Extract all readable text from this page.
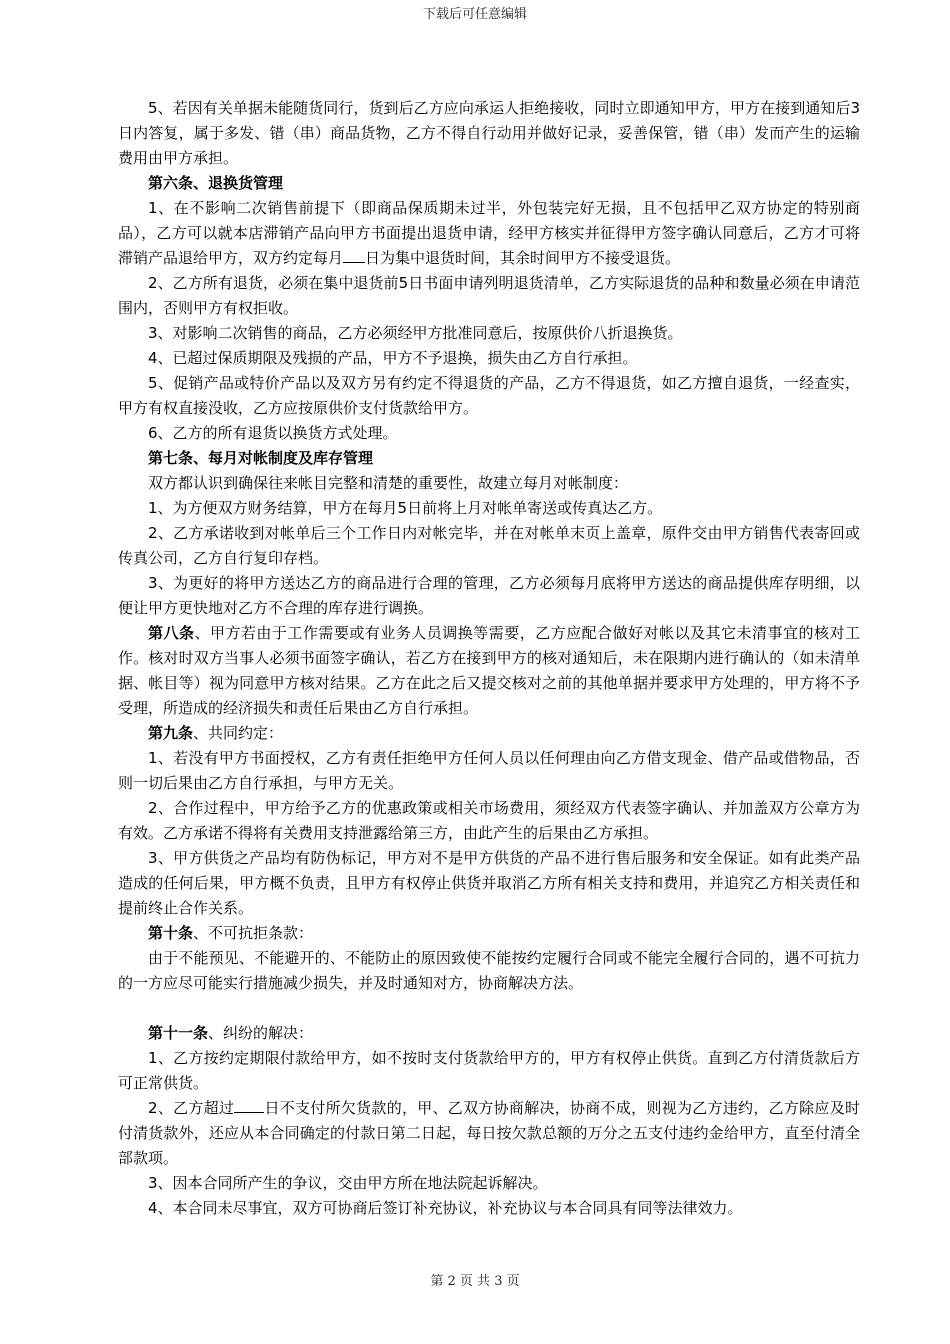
下载后可任意编辑

5、若因有关单据未能随货同行，货到后乙方应向承运人拒绝接收，同时立即通知甲方，甲方在接到通知后3日内答复，属于多发、错（串）商品货物，乙方不得自行动用并做好记录，妥善保管，错（串）发而产生的运输费用由甲方承担。

第六条、退换货管理

1、在不影响二次销售前提下（即商品保质期未过半，外包装完好无损，且不包括甲乙双方协定的特别商品），乙方可以就本店滞销产品向甲方书面提出退货申请，经甲方核实并征得甲方签字确认同意后，乙方才可将滞销产品退给甲方，双方约定每月 日为集中退货时间，其余时间甲方不接受退货。

2、乙方所有退货，必须在集中退货前5日书面申请列明退货清单，乙方实际退货的品种和数量必须在申请范围内，否则甲方有权拒收。

3、对影响二次销售的商品，乙方必须经甲方批准同意后，按原供价八折退换货。

4、已超过保质期限及残损的产品，甲方不予退换，损失由乙方自行承担。

5、促销产品或特价产品以及双方另有约定不得退货的产品，乙方不得退货，如乙方擅自退货，一经查实，甲方有权直接没收，乙方应按原供价支付货款给甲方。

6、乙方的所有退货以换货方式处理。

第七条、每月对帐制度及库存管理

双方都认识到确保往来帐目完整和清楚的重要性，故建立每月对帐制度：

1、为方便双方财务结算，甲方在每月5日前将上月对帐单寄送或传真达乙方。

2、乙方承诺收到对帐单后三个工作日内对帐完毕，并在对帐单末页上盖章，原件交由甲方销售代表寄回或传真公司，乙方自行复印存档。

3、为更好的将甲方送达乙方的商品进行合理的管理，乙方必须每月底将甲方送达的商品提供库存明细，以便让甲方更快地对乙方不合理的库存进行调换。

第八条、甲方若由于工作需要或有业务人员调换等需要，乙方应配合做好对帐以及其它未清事宜的核对工作。核对时双方当事人必须书面签字确认，若乙方在接到甲方的核对通知后，未在限期内进行确认的（如未清单据、帐目等）视为同意甲方核对结果。乙方在此之后又提交核对之前的其他单据并要求甲方处理的，甲方将不予受理，所造成的经济损失和责任后果由乙方自行承担。

第九条、共同约定：

1、若没有甲方书面授权，乙方有责任拒绝甲方任何人员以任何理由向乙方借支现金、借产品或借物品，否则一切后果由乙方自行承担，与甲方无关。

2、合作过程中，甲方给予乙方的优惠政策或相关市场费用，须经双方代表签字确认、并加盖双方公章方为有效。乙方承诺不得将有关费用支持泄露给第三方，由此产生的后果由乙方承担。

3、甲方供货之产品均有防伪标记，甲方对不是甲方供货的产品不进行售后服务和安全保证。如有此类产品造成的任何后果，甲方概不负责，且甲方有权停止供货并取消乙方所有相关支持和费用，并追究乙方相关责任和提前终止合作关系。

第十条、不可抗拒条款：

由于不能预见、不能避开的、不能防止的原因致使不能按约定履行合同或不能完全履行合同的，遇不可抗力的一方应尽可能实行措施减少损失，并及时通知对方，协商解决方法。

第十一条、纠纷的解决：

1、乙方按约定期限付款给甲方，如不按时支付货款给甲方的，甲方有权停止供货。直到乙方付清货款后方可正常供货。

2、乙方超过 日不支付所欠货款的，甲、乙双方协商解决，协商不成，则视为乙方违约，乙方除应及时付清货款外，还应从本合同确定的付款日第二日起，每日按欠款总额的万分之五支付违约金给甲方，直至付清全部款项。

3、因本合同所产生的争议，交由甲方所在地法院起诉解决。

4、本合同未尽事宜，双方可协商后签订补充协议，补充协议与本合同具有同等法律效力。

第 2 页 共 3 页
